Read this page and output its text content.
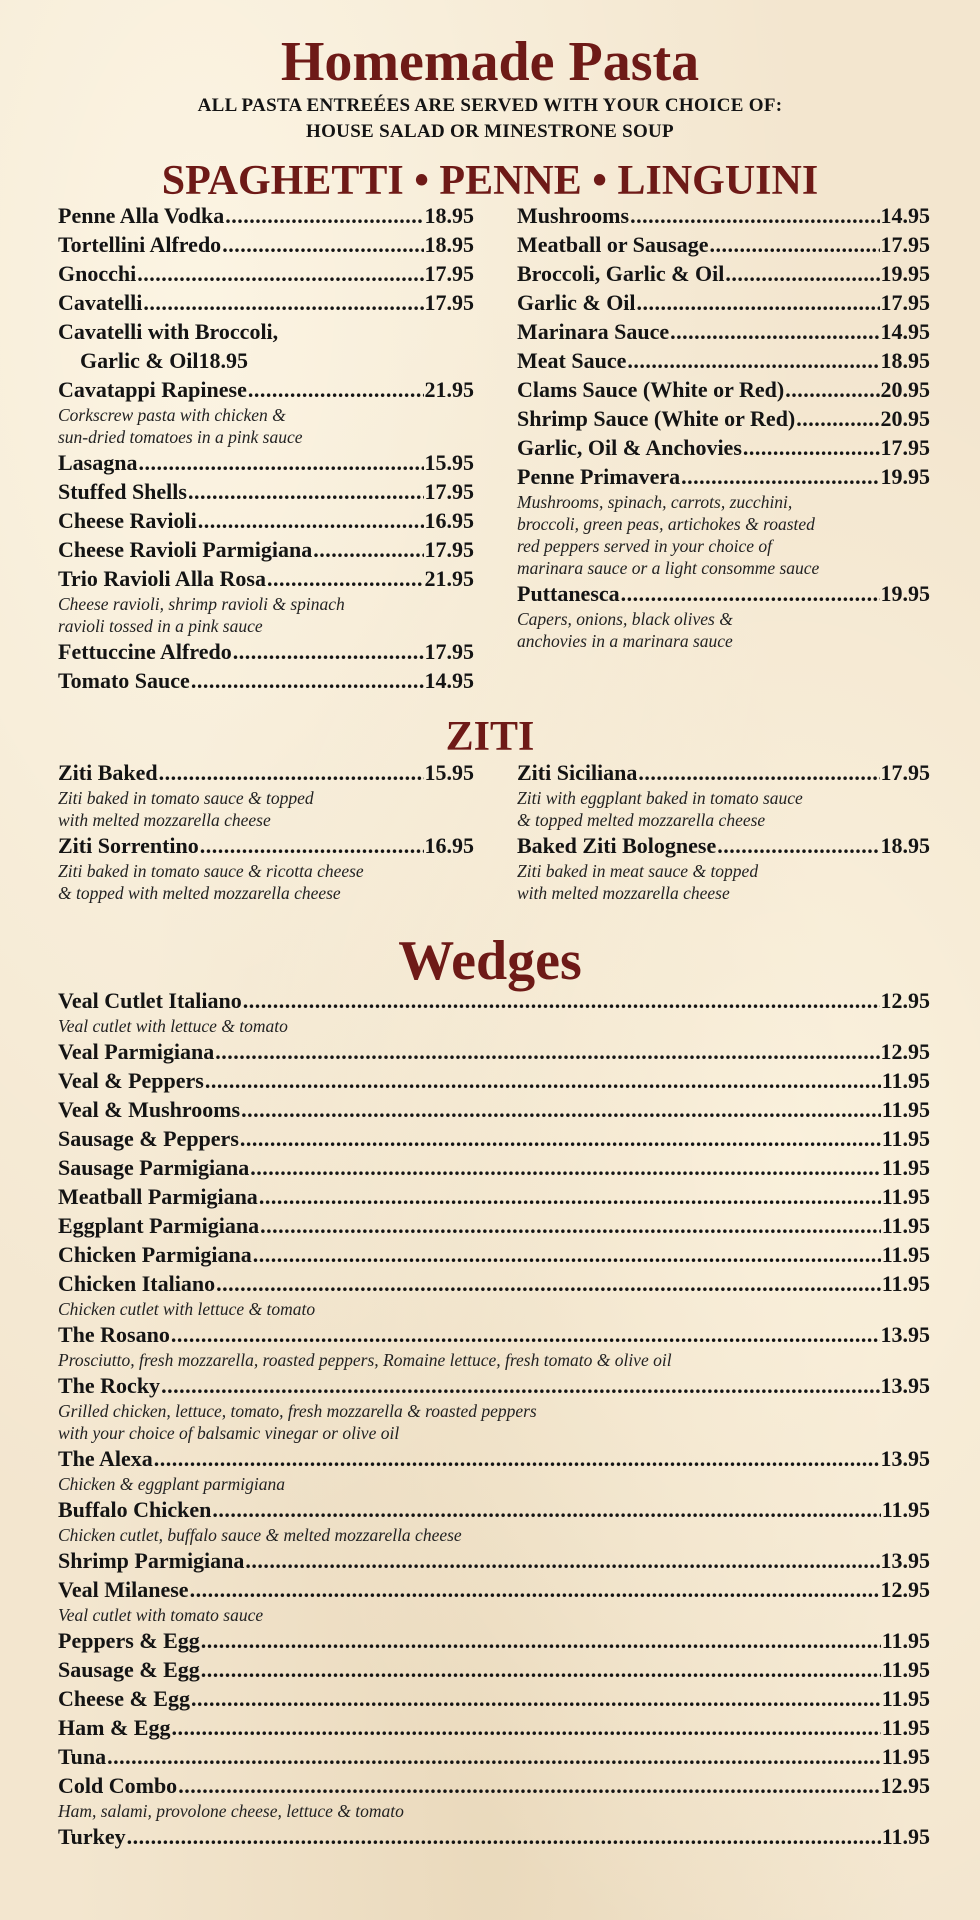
Homemade Pasta
ALL PASTA ENTREÉES ARE SERVED WITH YOUR CHOICE OF:
HOUSE SALAD OR MINESTRONE SOUP
SPAGHETTI • PENNE • LINGUINI
Penne Alla Vodka .....	18.95
Tortellini Alfredo .....	18.95
Gnocchi .....	17.95
Cavatelli .....	17.95
Cavatelli with Broccoli,
Garlic & Oil 18.95
Cavatappi Rapinese .....	21.95
Corkscrew pasta with chicken &
sun-dried tomatoes in a pink sauce
Lasagna .....	15.95
Stuffed Shells .....	17.95
Cheese Ravioli .....	16.95
Cheese Ravioli Parmigiana .....	17.95
Trio Ravioli Alla Rosa .....	21.95
Cheese ravioli, shrimp ravioli & spinach
ravioli tossed in a pink sauce
Fettuccine Alfredo .....	17.95
Tomato Sauce .....	14.95
Mushrooms .....	14.95
Meatball or Sausage .....	17.95
Broccoli, Garlic & Oil .....	19.95
Garlic & Oil .....	17.95
Marinara Sauce .....	14.95
Meat Sauce .....	18.95
Clams Sauce (White or Red) .....	20.95
Shrimp Sauce (White or Red) .....	20.95
Garlic, Oil & Anchovies .....	17.95
Penne Primavera .....	19.95
Mushrooms, spinach, carrots, zucchini,
broccoli, green peas, artichokes & roasted
red peppers served in your choice of
marinara sauce or a light consomme sauce
Puttanesca .....	19.95
Capers, onions, black olives &
anchovies in a marinara sauce
ZITI
Ziti Baked .....	15.95
Ziti baked in tomato sauce & topped
with melted mozzarella cheese
Ziti Sorrentino .....	16.95
Ziti baked in tomato sauce & ricotta cheese
& topped with melted mozzarella cheese
Ziti Siciliana .....	17.95
Ziti with eggplant baked in tomato sauce
& topped melted mozzarella cheese
Baked Ziti Bolognese .....	18.95
Ziti baked in meat sauce & topped
with melted mozzarella cheese
Wedges
Veal Cutlet Italiano .....	12.95
Veal cutlet with lettuce & tomato
Veal Parmigiana .....	12.95
Veal & Peppers .....	11.95
Veal & Mushrooms .....	11.95
Sausage & Peppers .....	11.95
Sausage Parmigiana .....	11.95
Meatball Parmigiana .....	11.95
Eggplant Parmigiana .....	11.95
Chicken Parmigiana .....	11.95
Chicken Italiano .....	11.95
Chicken cutlet with lettuce & tomato
The Rosano .....	13.95
Prosciutto, fresh mozzarella, roasted peppers, Romaine lettuce, fresh tomato & olive oil
The Rocky .....	13.95
Grilled chicken, lettuce, tomato, fresh mozzarella & roasted peppers
with your choice of balsamic vinegar or olive oil
The Alexa .....	13.95
Chicken & eggplant parmigiana
Buffalo Chicken .....	11.95
Chicken cutlet, buffalo sauce & melted mozzarella cheese
Shrimp Parmigiana .....	13.95
Veal Milanese .....	12.95
Veal cutlet with tomato sauce
Peppers & Egg .....	11.95
Sausage & Egg .....	11.95
Cheese & Egg .....	11.95
Ham & Egg .....	11.95
Tuna .....	11.95
Cold Combo .....	12.95
Ham, salami, provolone cheese, lettuce & tomato
Turkey .....	11.95
